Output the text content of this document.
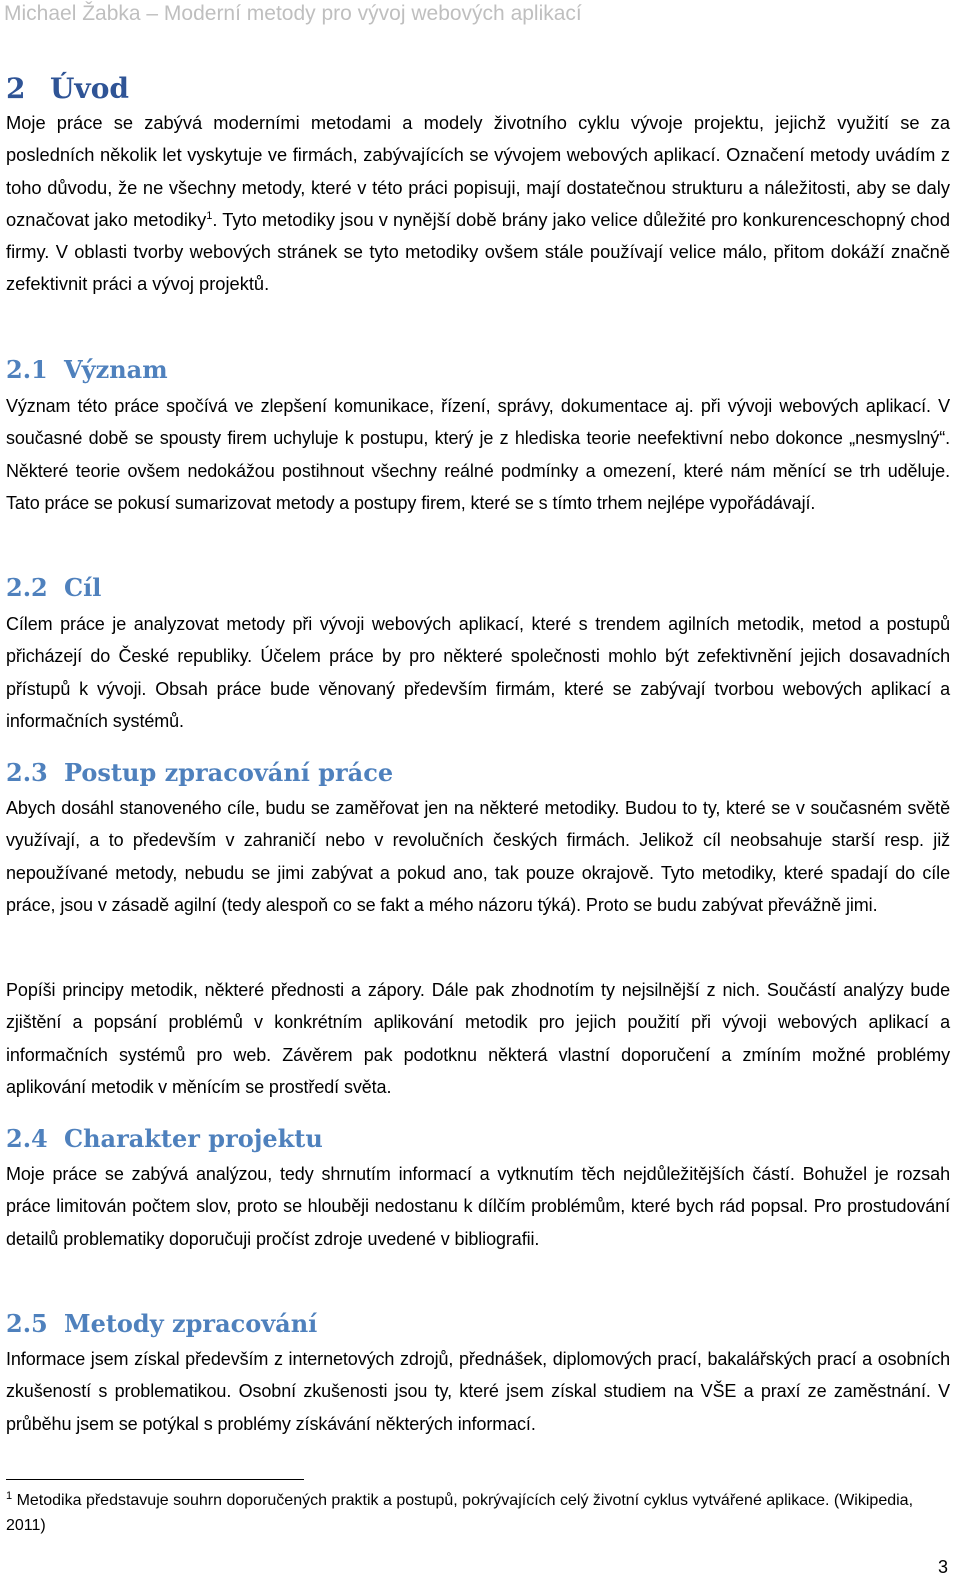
Michael Žabka – Moderní metody pro vývoj webových aplikací
2 Úvod
Moje práce se zabývá moderními metodami a modely životního cyklu vývoje projektu, jejichž využití se za posledních několik let vyskytuje ve firmách, zabývajících se vývojem webových aplikací. Označení metody uvádím z toho důvodu, že ne všechny metody, které v této práci popisuji, mají dostatečnou strukturu a náležitosti, aby se daly označovat jako metodiky$^1$. Tyto metodiky jsou v nynější době brány jako velice důležité pro konkurenceschopný chod firmy. V oblasti tvorby webových stránek se tyto metodiky ovšem stále používají velice málo, přitom dokáží značně zefektivnit práci a vývoj projektů.
2.1 Význam
Význam této práce spočívá ve zlepšení komunikace, řízení, správy, dokumentace aj. při vývoji webových aplikací. V současné době se spousty firem uchyluje k postupu, který je z hlediska teorie neefektivní nebo dokonce „nesmyslný“. Některé teorie ovšem nedokážou postihnout všechny reálné podmínky a omezení, které nám měnící se trh uděluje. Tato práce se pokusí sumarizovat metody a postupy firem, které se s tímto trhem nejlépe vypořádávají.
2.2 Cíl
Cílem práce je analyzovat metody při vývoji webových aplikací, které s trendem agilních metodik, metod a postupů přicházejí do České republiky. Účelem práce by pro některé společnosti mohlo být zefektivnění jejich dosavadních přístupů k vývoji. Obsah práce bude věnovaný především firmám, které se zabývají tvorbou webových aplikací a informačních systémů.
2.3 Postup zpracování práce
Abych dosáhl stanoveného cíle, budu se zaměřovat jen na některé metodiky. Budou to ty, které se v současném světě využívají, a to především v zahraničí nebo v revolučních českých firmách. Jelikož cíl neobsahuje starší resp. již nepoužívané metody, nebudu se jimi zabývat a pokud ano, tak pouze okrajově. Tyto metodiky, které spadají do cíle práce, jsou v zásadě agilní (tedy alespoň co se fakt a mého názoru týká). Proto se budu zabývat převážně jimi.
Popíši principy metodik, některé přednosti a zápory. Dále pak zhodnotím ty nejsilnější z nich. Součástí analýzy bude zjištění a popsání problémů v konkrétním aplikování metodik pro jejich použití při vývoji webových aplikací a informačních systémů pro web. Závěrem pak podotknu některá vlastní doporučení a zmíním možné problémy aplikování metodik v měnícím se prostředí světa.
2.4 Charakter projektu
Moje práce se zabývá analýzou, tedy shrnutím informací a vytknutím těch nejdůležitějších částí. Bohužel je rozsah práce limitován počtem slov, proto se hlouběji nedostanu k dílčím problémům, které bych rád popsal. Pro prostudování detailů problematiky doporučuji pročíst zdroje uvedené v bibliografii.
2.5 Metody zpracování
Informace jsem získal především z internetových zdrojů, přednášek, diplomových prací, bakalářských prací a osobních zkušeností s problematikou. Osobní zkušenosti jsou ty, které jsem získal studiem na VŠE a praxí ze zaměstnání. V průběhu jsem se potýkal s problémy získávání některých informací.
$^1$ Metodika představuje souhrn doporučených praktik a postupů, pokrývajících celý životní cyklus vytvářené aplikace. (Wikipedia, 2011)
3
